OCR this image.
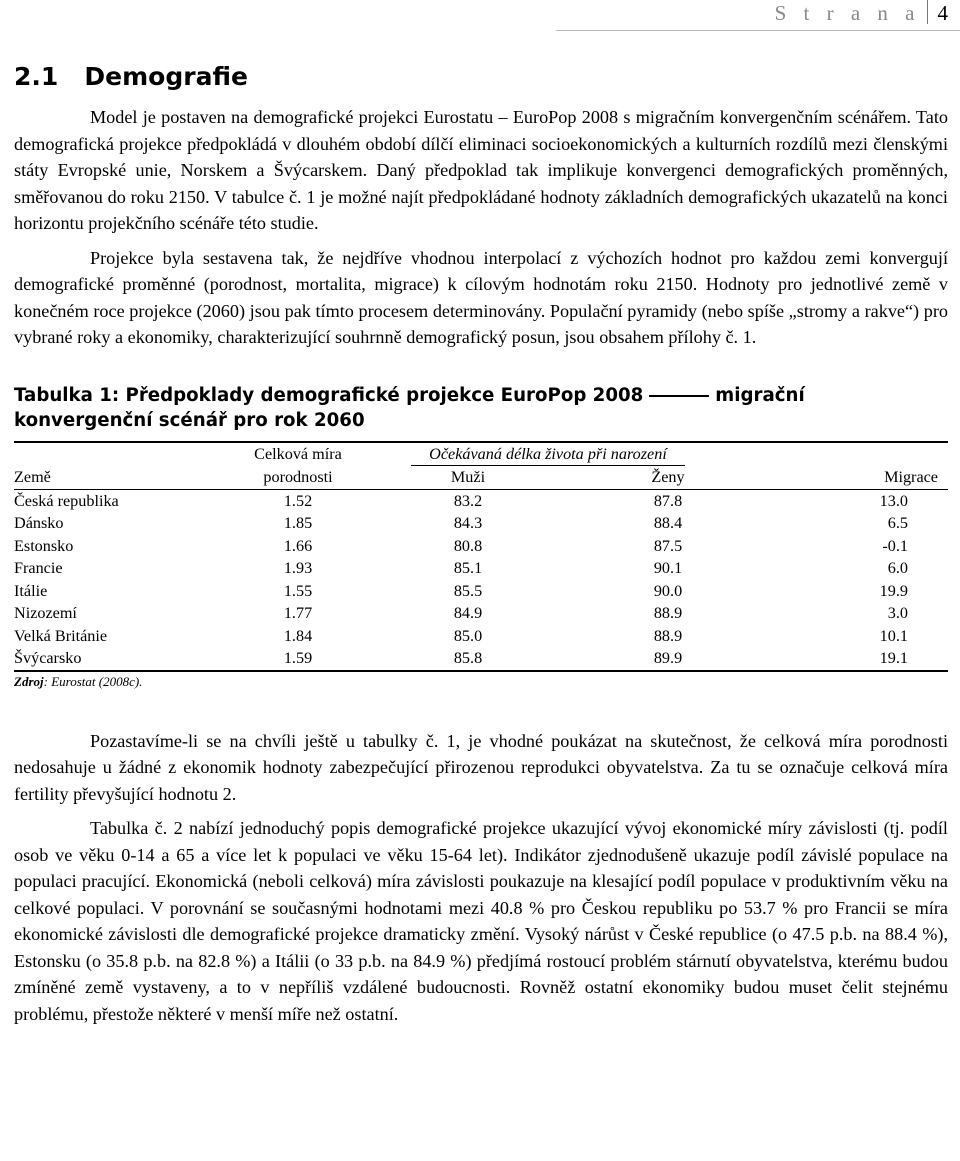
S t r a n a 4
2.1 Demografie

Model je postaven na demografické projekci Eurostatu – EuroPop 2008 s migračním konvergenčním scénářem. Tato demografická projekce předpokládá v dlouhém období dílčí eliminaci socioekonomických a kulturních rozdílů mezi členskými státy Evropské unie, Norskem a Švýcarskem. Daný předpoklad tak implikuje konvergenci demografických proměnných, směřovanou do roku 2150. V tabulce č. 1 je možné najít předpokládané hodnoty základních demografických ukazatelů na konci horizontu projekčního scénáře této studie.

Projekce byla sestavena tak, že nejdříve vhodnou interpolací z výchozích hodnot pro každou zemi konvergují demografické proměnné (porodnost, mortalita, migrace) k cílovým hodnotám roku 2150. Hodnoty pro jednotlivé země v konečném roce projekce (2060) jsou pak tímto procesem determinovány. Populační pyramidy (nebo spíše „stromy a rakve“) pro vybrané roky a ekonomiky, charakterizující souhrnně demografický posun, jsou obsahem přílohy č. 1.

Tabulka 1: Předpoklady demografické projekce EuroPop 2008	migrační konvergenční scénář pro rok 2060
	Celková míra	Očekávaná délka života při narození		
Země	porodnosti	Muži	Ženy	Migrace
Česká republika	1.52	83.2	87.8	13.0
Dánsko	1.85	84.3	88.4	6.5
Estonsko	1.66	80.8	87.5	-0.1
Francie	1.93	85.1	90.1	6.0
Itálie	1.55	85.5	90.0	19.9
Nizozemí	1.77	84.9	88.9	3.0
Velká Británie	1.84	85.0	88.9	10.1
Švýcarsko	1.59	85.8	89.9	19.1
Zdroj: Eurostat (2008c).

Pozastavíme-li se na chvíli ještě u tabulky č. 1, je vhodné poukázat na skutečnost, že celková míra porodnosti nedosahuje u žádné z ekonomik hodnoty zabezpečující přirozenou reprodukci obyvatelstva. Za tu se označuje celková míra fertility převyšující hodnotu 2.

Tabulka č. 2 nabízí jednoduchý popis demografické projekce ukazující vývoj ekonomické míry závislosti (tj. podíl osob ve věku 0-14 a 65 a více let k populaci ve věku 15-64 let). Indikátor zjednodušeně ukazuje podíl závislé populace na populaci pracující. Ekonomická (neboli celková) míra závislosti poukazuje na klesající podíl populace v produktivním věku na celkové populaci. V porovnání se současnými hodnotami mezi 40.8 % pro Českou republiku po 53.7 % pro Francii se míra ekonomické závislosti dle demografické projekce dramaticky změní. Vysoký nárůst v České republice (o 47.5 p.b. na 88.4 %), Estonsku (o 35.8 p.b. na 82.8 %) a Itálii (o 33 p.b. na 84.9 %) předjímá rostoucí problém stárnutí obyvatelstva, kterému budou zmíněné země vystaveny, a to v nepříliš vzdálené budoucnosti. Rovněž ostatní ekonomiky budou muset čelit stejnému problému, přestože některé v menší míře než ostatní.
